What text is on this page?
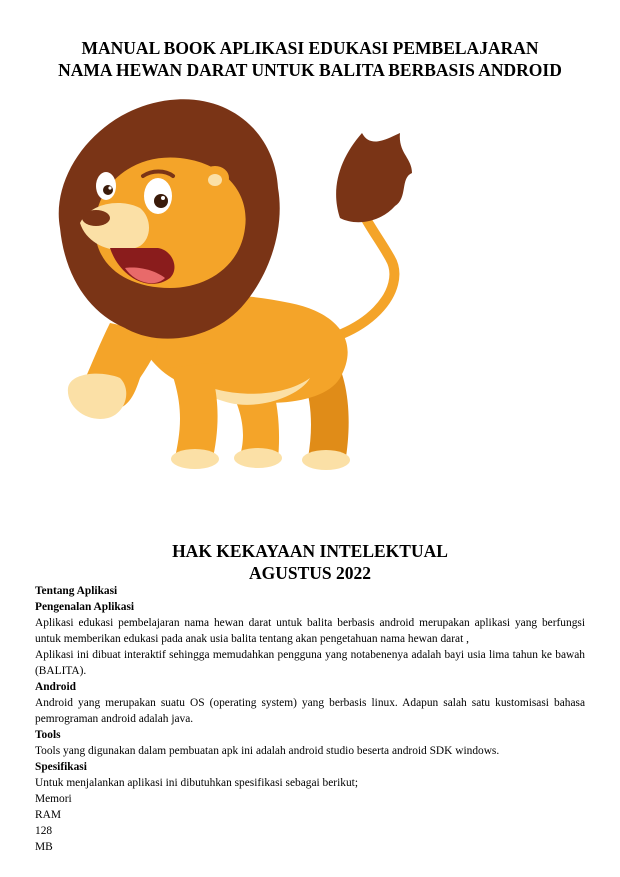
MANUAL BOOK APLIKASI EDUKASI PEMBELAJARAN
NAMA HEWAN DARAT UNTUK BALITA BERBASIS ANDROID
HAK KEKAYAAN INTELEKTUAL
AGUSTUS 2022
Tentang Aplikasi
Pengenalan Aplikasi
Aplikasi edukasi pembelajaran nama hewan darat untuk balita berbasis android merupakan aplikasi yang berfungsi untuk memberikan edukasi pada anak usia balita tentang akan pengetahuan nama hewan darat ,
Aplikasi ini dibuat interaktif sehingga memudahkan pengguna yang notabenenya adalah bayi usia lima tahun ke bawah (BALITA).
Android
Android yang merupakan suatu OS (operating system) yang berbasis linux. Adapun salah satu kustomisasi bahasa pemrograman android adalah java.
Tools
Tools yang digunakan dalam pembuatan apk ini adalah android studio beserta android SDK windows.
Spesifikasi
Untuk menjalankan aplikasi ini dibutuhkan spesifikasi sebagai berikut;
Memori
RAM
128
MB
